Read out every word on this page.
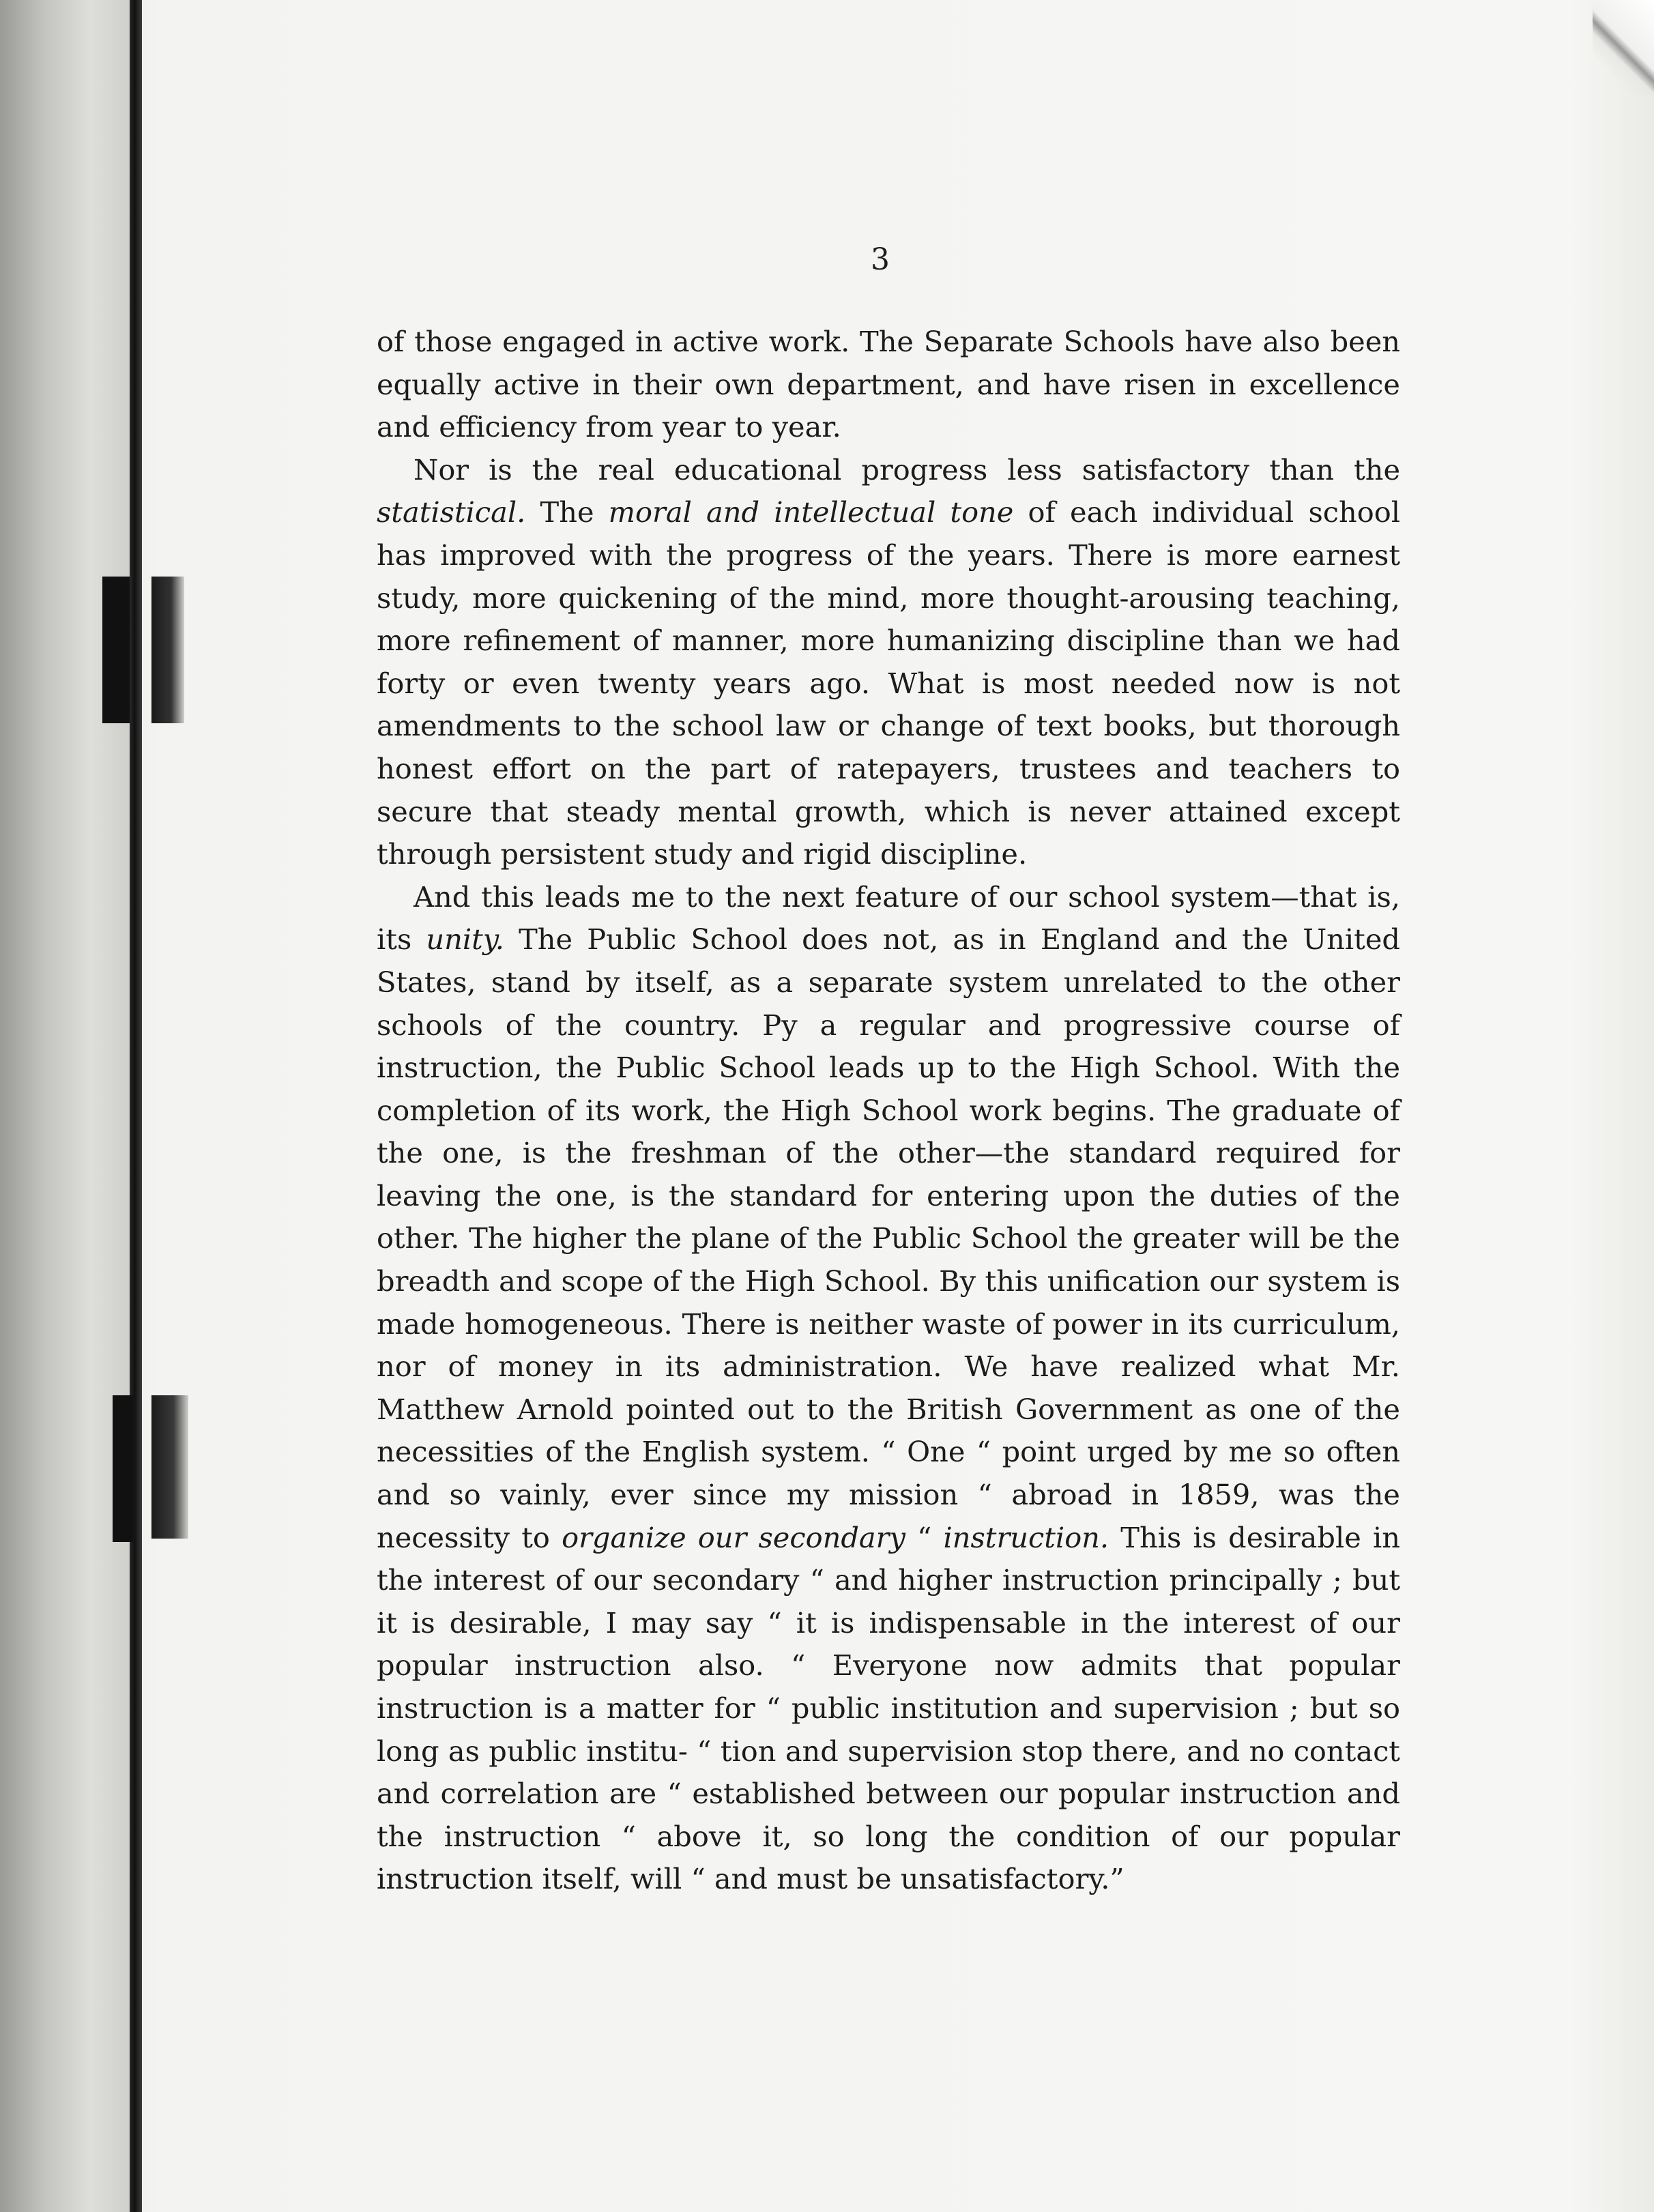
3

of those engaged in active work. The Separate Schools have also been equally active in their own department, and have risen in excellence and efficiency from year to year.

Nor is the real educational progress less satisfactory than the statistical. The moral and intellectual tone of each individual school has improved with the progress of the years. There is more earnest study, more quickening of the mind, more thought-arousing teaching, more refinement of manner, more humanizing discipline than we had forty or even twenty years ago. What is most needed now is not amendments to the school law or change of text books, but thorough honest effort on the part of ratepayers, trustees and teachers to secure that steady mental growth, which is never attained except through persistent study and rigid discipline.

And this leads me to the next feature of our school system—that is, its unity. The Public School does not, as in England and the United States, stand by itself, as a separate system unrelated to the other schools of the country. Py a regular and progressive course of instruction, the Public School leads up to the High School. With the completion of its work, the High School work begins. The graduate of the one, is the freshman of the other—the standard required for leaving the one, is the standard for entering upon the duties of the other. The higher the plane of the Public School the greater will be the breadth and scope of the High School. By this unification our system is made homogeneous. There is neither waste of power in its curriculum, nor of money in its administration. We have realized what Mr. Matthew Arnold pointed out to the British Government as one of the necessities of the English system. “ One “ point urged by me so often and so vainly, ever since my mission “ abroad in 1859, was the necessity to organize our secondary “ instruction. This is desirable in the interest of our secondary “ and higher instruction principally ; but it is desirable, I may say “ it is indispensable in the interest of our popular instruction also. “ Everyone now admits that popular instruction is a matter for “ public institution and supervision ; but so long as public institu- “ tion and supervision stop there, and no contact and correlation are “ established between our popular instruction and the instruction “ above it, so long the condition of our popular instruction itself, will “ and must be unsatisfactory.”
